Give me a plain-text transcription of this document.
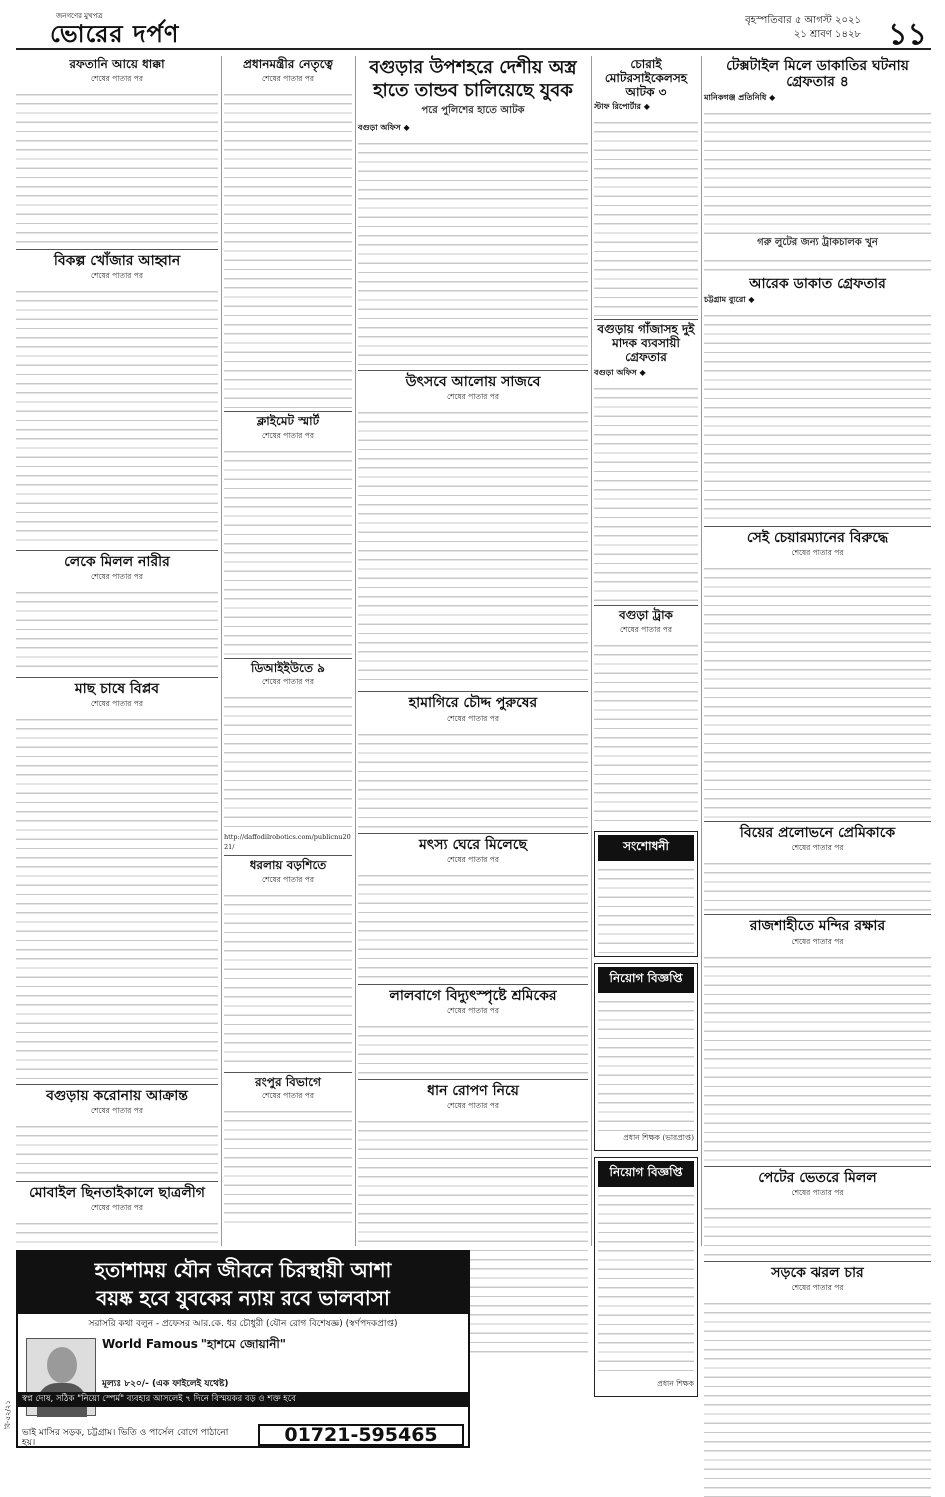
জনগণের মুখপত্র
ভোরের দর্পণ	বৃহস্পতিবার ৫ আগস্ট ২০২১
২১ শ্রাবণ ১৪২৮ ১১
রফতানি আয়ে ধাক্কা
শেষের পাতার পর
বিকল্প খোঁজার আহ্বান
শেষের পাতার পর
লেকে মিলল নারীর
শেষের পাতার পর
মাছ চাষে বিপ্লব
শেষের পাতার পর
বগুড়ায় করোনায় আক্রান্ত
শেষের পাতার পর
মোবাইল ছিনতাইকালে ছাত্রলীগ
শেষের পাতার পর
প্রধানমন্ত্রীর নেতৃত্বে
শেষের পাতার পর
ক্লাইমেট স্মার্ট
শেষের পাতার পর
ডিআইইউতে ৯
শেষের পাতার পর
http://daffodilrobotics.com/publicnu2021/
ধরলায় বড়শিতে
শেষের পাতার পর
রংপুর বিভাগে
শেষের পাতার পর
বগুড়ার উপশহরে দেশীয় অস্ত্র
হাতে তান্ডব চালিয়েছে যুবক
পরে পুলিশের হাতে আটক
বগুড়া অফিস ◆
উৎসবে আলোয় সাজবে
শেষের পাতার পর
হামাগিরে চৌদ্দ পুরুষের
শেষের পাতার পর
মৎস্য ঘেরে মিলেছে
শেষের পাতার পর
লালবাগে বিদ্যুৎস্পৃষ্টে শ্রমিকের
শেষের পাতার পর
ধান রোপণ নিয়ে
শেষের পাতার পর
চোরাই মোটরসাইকেলসহ আটক ৩
স্টাফ রিপোর্টার ◆
বগুড়ায় গাঁজাসহ দুই মাদক ব্যবসায়ী গ্রেফতার
বগুড়া অফিস ◆
বগুড়া ট্রাক
শেষের পাতার পর
সংশোধনী
নিয়োগ বিজ্ঞপ্তি
প্রধান শিক্ষক (ভারপ্রাপ্ত)
নিয়োগ বিজ্ঞপ্তি
প্রধান শিক্ষক
টেক্সটাইল মিলে ডাকাতির ঘটনায় গ্রেফতার ৪
মানিকগঞ্জ প্রতিনিধি ◆
গরু লুটের জন্য ট্রাকচালক খুন
আরেক ডাকাত গ্রেফতার
চট্টগ্রাম ব্যুরো ◆
সেই চেয়ারম্যানের বিরুদ্ধে
শেষের পাতার পর
বিয়ের প্রলোভনে প্রেমিকাকে
শেষের পাতার পর
রাজশাহীতে মন্দির রক্ষার
শেষের পাতার পর
পেটের ভেতরে মিলল
শেষের পাতার পর
সড়কে ঝরল চার
শেষের পাতার পর
হতাশাময় যৌন জীবনে চিরস্থায়ী আশা
বয়ষ্ক হবে যুবকের ন্যায় রবে ভালবাসা
সরাসরি কথা বলুন - প্রফেসর আর.কে. ধর চৌধুরী (যৌন রোগ বিশেষজ্ঞ) (স্বর্ণপদকপ্রাপ্ত)
World Famous "হাশমে জোয়ানী"
মূল্যঃ ৮২০/- (এক ফাইলেই যথেষ্ট)
স্বপ্ন দোষ, সঠিক "নিয়ো স্পের্ম" ব্যবহার আসলেই ৭ দিনে বিস্ময়কর বড় ও শক্ত হবে
ভাই মাসির সড়ক, চট্টগ্রাম। ভিতি ও পার্সেল বোগে পাঠানো হয়।	01721-595465
বি-৫২/২১
